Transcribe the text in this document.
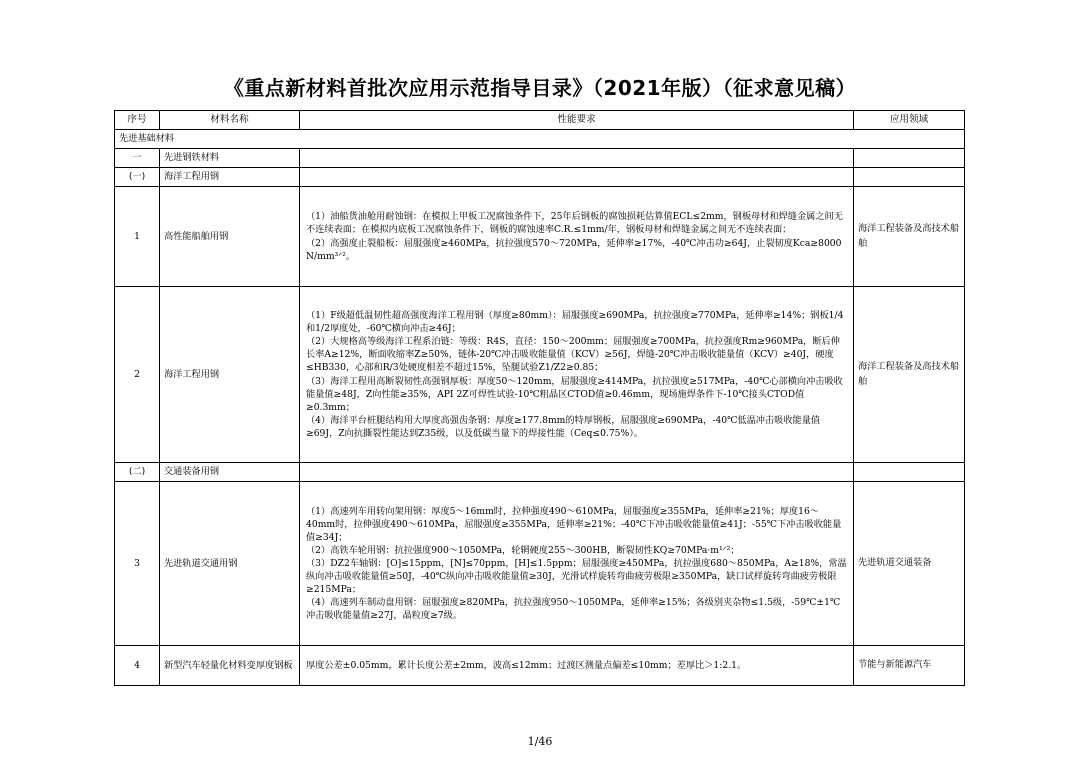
《重点新材料首批次应用示范指导目录》（2021年版）（征求意见稿）
序号	材料名称	性能要求	应用领域
先进基础材料			
一	先进钢铁材料		
(一)	海洋工程用钢		
1	高性能船舶用钢	（1）油船货油舱用耐蚀钢：在模拟上甲板工况腐蚀条件下，25年后钢板的腐蚀损耗估算值ECL≤2mm，钢板母材和焊缝金属之间无不连续表面；在模拟内底板工况腐蚀条件下，钢板的腐蚀速率C.R.≤1mm/年，钢板母材和焊缝金属之间无不连续表面；
（2）高强度止裂船板：屈服强度≥460MPa，抗拉强度570～720MPa，延伸率≥17%，-40℃冲击功≥64J，止裂韧度Kca≥8000 N/mm³ᐟ²。	海洋工程装备及高技术船舶
2	海洋工程用钢	（1）F级超低温韧性超高强度海洋工程用钢（厚度≥80mm）：屈服强度≥690MPa，抗拉强度≥770MPa，延伸率≥14%；钢板1/4和1/2厚度处，-60℃横向冲击≥46J；
（2）大规格高等级海洋工程系泊链：等级：R4S，直径：150～200mm；屈服强度≥700MPa，抗拉强度Rm≥960MPa，断后伸长率A≥12%，断面收缩率Z≥50%，链体-20℃冲击吸收能量值（KCV）≥56J，焊缝-20℃冲击吸收能量值（KCV）≥40J，硬度≤HB330，心部和R/3处硬度相差不超过15%，坠腿试验Z1/Z2≥0.85；
（3）海洋工程用高断裂韧性高强钢厚板：厚度50～120mm，屈服强度≥414MPa，抗拉强度≥517MPa，-40℃心部横向冲击吸收能量值≥48J，Z向性能≥35%，API 2Z可焊性试验-10℃粗晶区CTOD值≥0.46mm，现场施焊条件下-10℃接头CTOD值≥0.3mm；
（4）海洋平台桩腿结构用大厚度高强齿条钢：厚度≥177.8mm的特厚钢板，屈服强度≥690MPa，-40℃低温冲击吸收能量值≥69J，Z向抗撕裂性能达到Z35级，以及低碳当量下的焊接性能（Ceq≤0.75%）。	海洋工程装备及高技术船舶
(二)	交通装备用钢		
3	先进轨道交通用钢	（1）高速列车用转向架用钢：厚度5～16mm时，拉伸强度490～610MPa，屈服强度≥355MPa，延伸率≥21%；厚度16～40mm时，拉伸强度490～610MPa，屈服强度≥355MPa，延伸率≥21%；-40℃下冲击吸收能量值≥41J；-55℃下冲击吸收能量值≥34J；
（2）高铁车轮用钢：抗拉强度900～1050MPa，轮辋硬度255～300HB，断裂韧性KQ≥70MPa·m¹ᐟ²；
（3）DZ2车轴钢：[O]≤15ppm，[N]≤70ppm，[H]≤1.5ppm；屈服强度≥450MPa，抗拉强度680～850MPa，A≥18%，常温纵向冲击吸收能量值≥50J，-40℃纵向冲击吸收能量值≥30J，光滑试样旋转弯曲疲劳极限≥350MPa，缺口试样旋转弯曲疲劳极限≥215MPa；
（4）高速列车制动盘用钢：屈服强度≥820MPa，抗拉强度950～1050MPa，延伸率≥15%；各级别夹杂物≤1.5级，-59℃±1℃冲击吸收能量值≥27J，晶粒度≥7级。	先进轨道交通装备
4	新型汽车轻量化材料变厚度钢板	厚度公差±0.05mm，累计长度公差±2mm，波高≤12mm；过渡区测量点偏差≤10mm；差厚比＞1:2.1。	节能与新能源汽车
1/46
